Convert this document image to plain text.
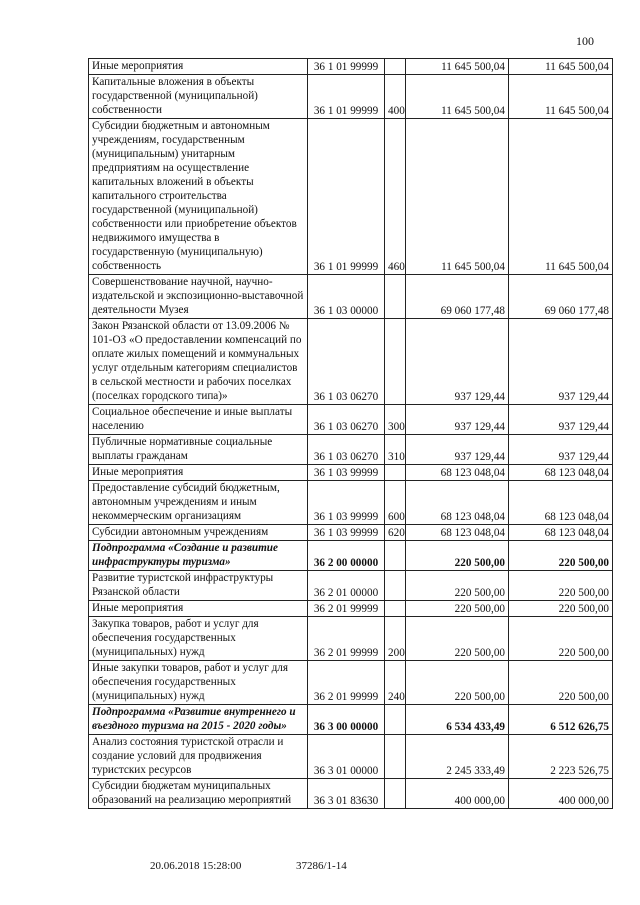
100
Иные мероприятия	36 1 01 99999		11 645 500,04	11 645 500,04
Капитальные вложения в объекты государственной (муниципальной) собственности	36 1 01 99999	400	11 645 500,04	11 645 500,04
Субсидии бюджетным и автономным учреждениям, государственным (муниципальным) унитарным предприятиям на осуществление капитальных вложений в объекты капитального строительства государственной (муниципальной) собственности или приобретение объектов недвижимого имущества в государственную (муниципальную) собственность	36 1 01 99999	460	11 645 500,04	11 645 500,04
Совершенствование научной, научно-издательской и экспозиционно-выставочной деятельности Музея	36 1 03 00000		69 060 177,48	69 060 177,48
Закон Рязанской области от 13.09.2006 № 101-ОЗ «О предоставлении компенсаций по оплате жилых помещений и коммунальных услуг отдельным категориям специалистов в сельской местности и рабочих поселках (поселках городского типа)»	36 1 03 06270		937 129,44	937 129,44
Социальное обеспечение и иные выплаты населению	36 1 03 06270	300	937 129,44	937 129,44
Публичные нормативные социальные выплаты гражданам	36 1 03 06270	310	937 129,44	937 129,44
Иные мероприятия	36 1 03 99999		68 123 048,04	68 123 048,04
Предоставление субсидий бюджетным, автономным учреждениям и иным некоммерческим организациям	36 1 03 99999	600	68 123 048,04	68 123 048,04
Субсидии автономным учреждениям	36 1 03 99999	620	68 123 048,04	68 123 048,04
Подпрограмма «Создание и развитие инфраструктуры туризма»	36 2 00 00000		220 500,00	220 500,00
Развитие туристской инфраструктуры Рязанской области	36 2 01 00000		220 500,00	220 500,00
Иные мероприятия	36 2 01 99999		220 500,00	220 500,00
Закупка товаров, работ и услуг для обеспечения государственных (муниципальных) нужд	36 2 01 99999	200	220 500,00	220 500,00
Иные закупки товаров, работ и услуг для обеспечения государственных (муниципальных) нужд	36 2 01 99999	240	220 500,00	220 500,00
Подпрограмма «Развитие внутреннего и въездного туризма на 2015 - 2020 годы»	36 3 00 00000		6 534 433,49	6 512 626,75
Анализ состояния туристской отрасли и создание условий для продвижения туристских ресурсов	36 3 01 00000		2 245 333,49	2 223 526,75
Субсидии бюджетам муниципальных образований на реализацию мероприятий	36 3 01 83630		400 000,00	400 000,00
20.06.2018 15:28:00	37286/1-14
